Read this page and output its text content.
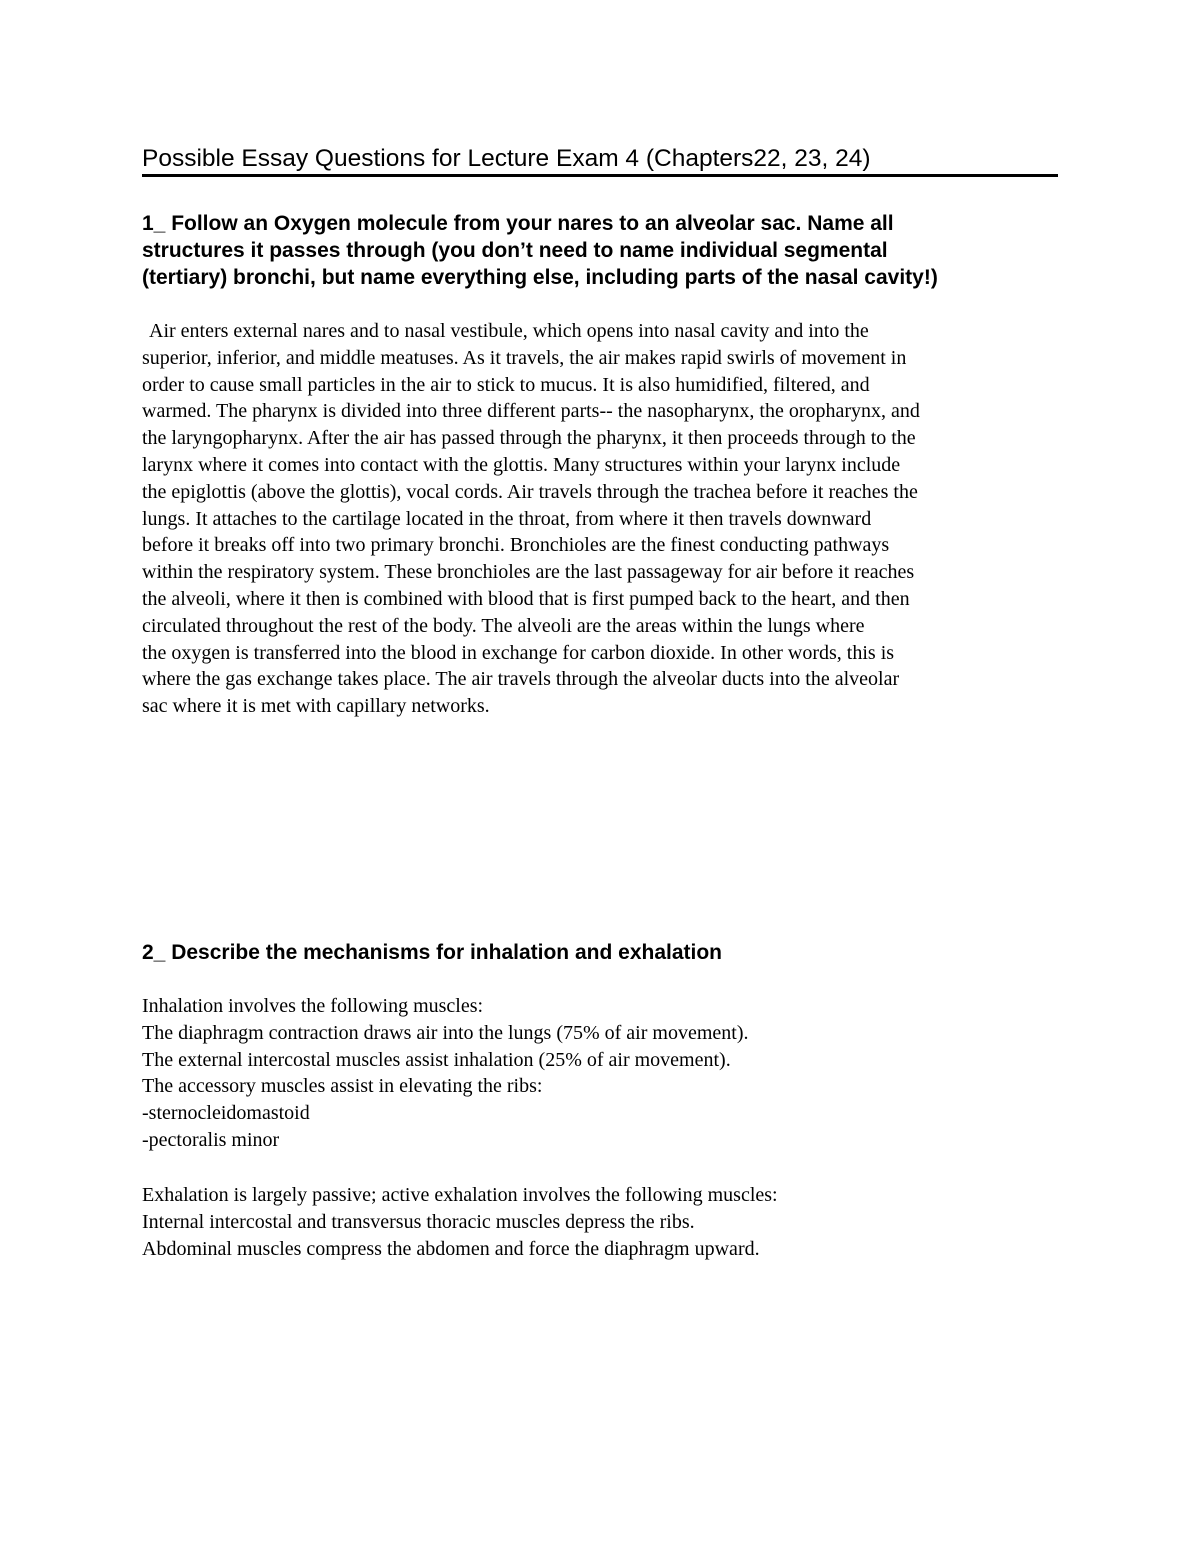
Possible Essay Questions for Lecture Exam 4 (Chapters22, 23, 24)
1_ Follow an Oxygen molecule from your nares to an alveolar sac. Name all
structures it passes through (you don’t need to name individual segmental
(tertiary) bronchi, but name everything else, including parts of the nasal cavity!)
Air enters external nares and to nasal vestibule, which opens into nasal cavity and into the
superior, inferior, and middle meatuses. As it travels, the air makes rapid swirls of movement in
order to cause small particles in the air to stick to mucus. It is also humidified, filtered, and
warmed. The pharynx is divided into three different parts-- the nasopharynx, the oropharynx, and
the laryngopharynx. After the air has passed through the pharynx, it then proceeds through to the
larynx where it comes into contact with the glottis. Many structures within your larynx include
the epiglottis (above the glottis), vocal cords. Air travels through the trachea before it reaches the
lungs. It attaches to the cartilage located in the throat, from where it then travels downward
before it breaks off into two primary bronchi. Bronchioles are the finest conducting pathways
within the respiratory system. These bronchioles are the last passageway for air before it reaches
the alveoli, where it then is combined with blood that is first pumped back to the heart, and then
circulated throughout the rest of the body. The alveoli are the areas within the lungs where
the oxygen is transferred into the blood in exchange for carbon dioxide. In other words, this is
where the gas exchange takes place. The air travels through the alveolar ducts into the alveolar
sac where it is met with capillary networks.
2_ Describe the mechanisms for inhalation and exhalation
Inhalation involves the following muscles:
The diaphragm contraction draws air into the lungs (75% of air movement).
The external intercostal muscles assist inhalation (25% of air movement).
The accessory muscles assist in elevating the ribs:
-sternocleidomastoid
-pectoralis minor
Exhalation is largely passive; active exhalation involves the following muscles:
Internal intercostal and transversus thoracic muscles depress the ribs.
Abdominal muscles compress the abdomen and force the diaphragm upward.
